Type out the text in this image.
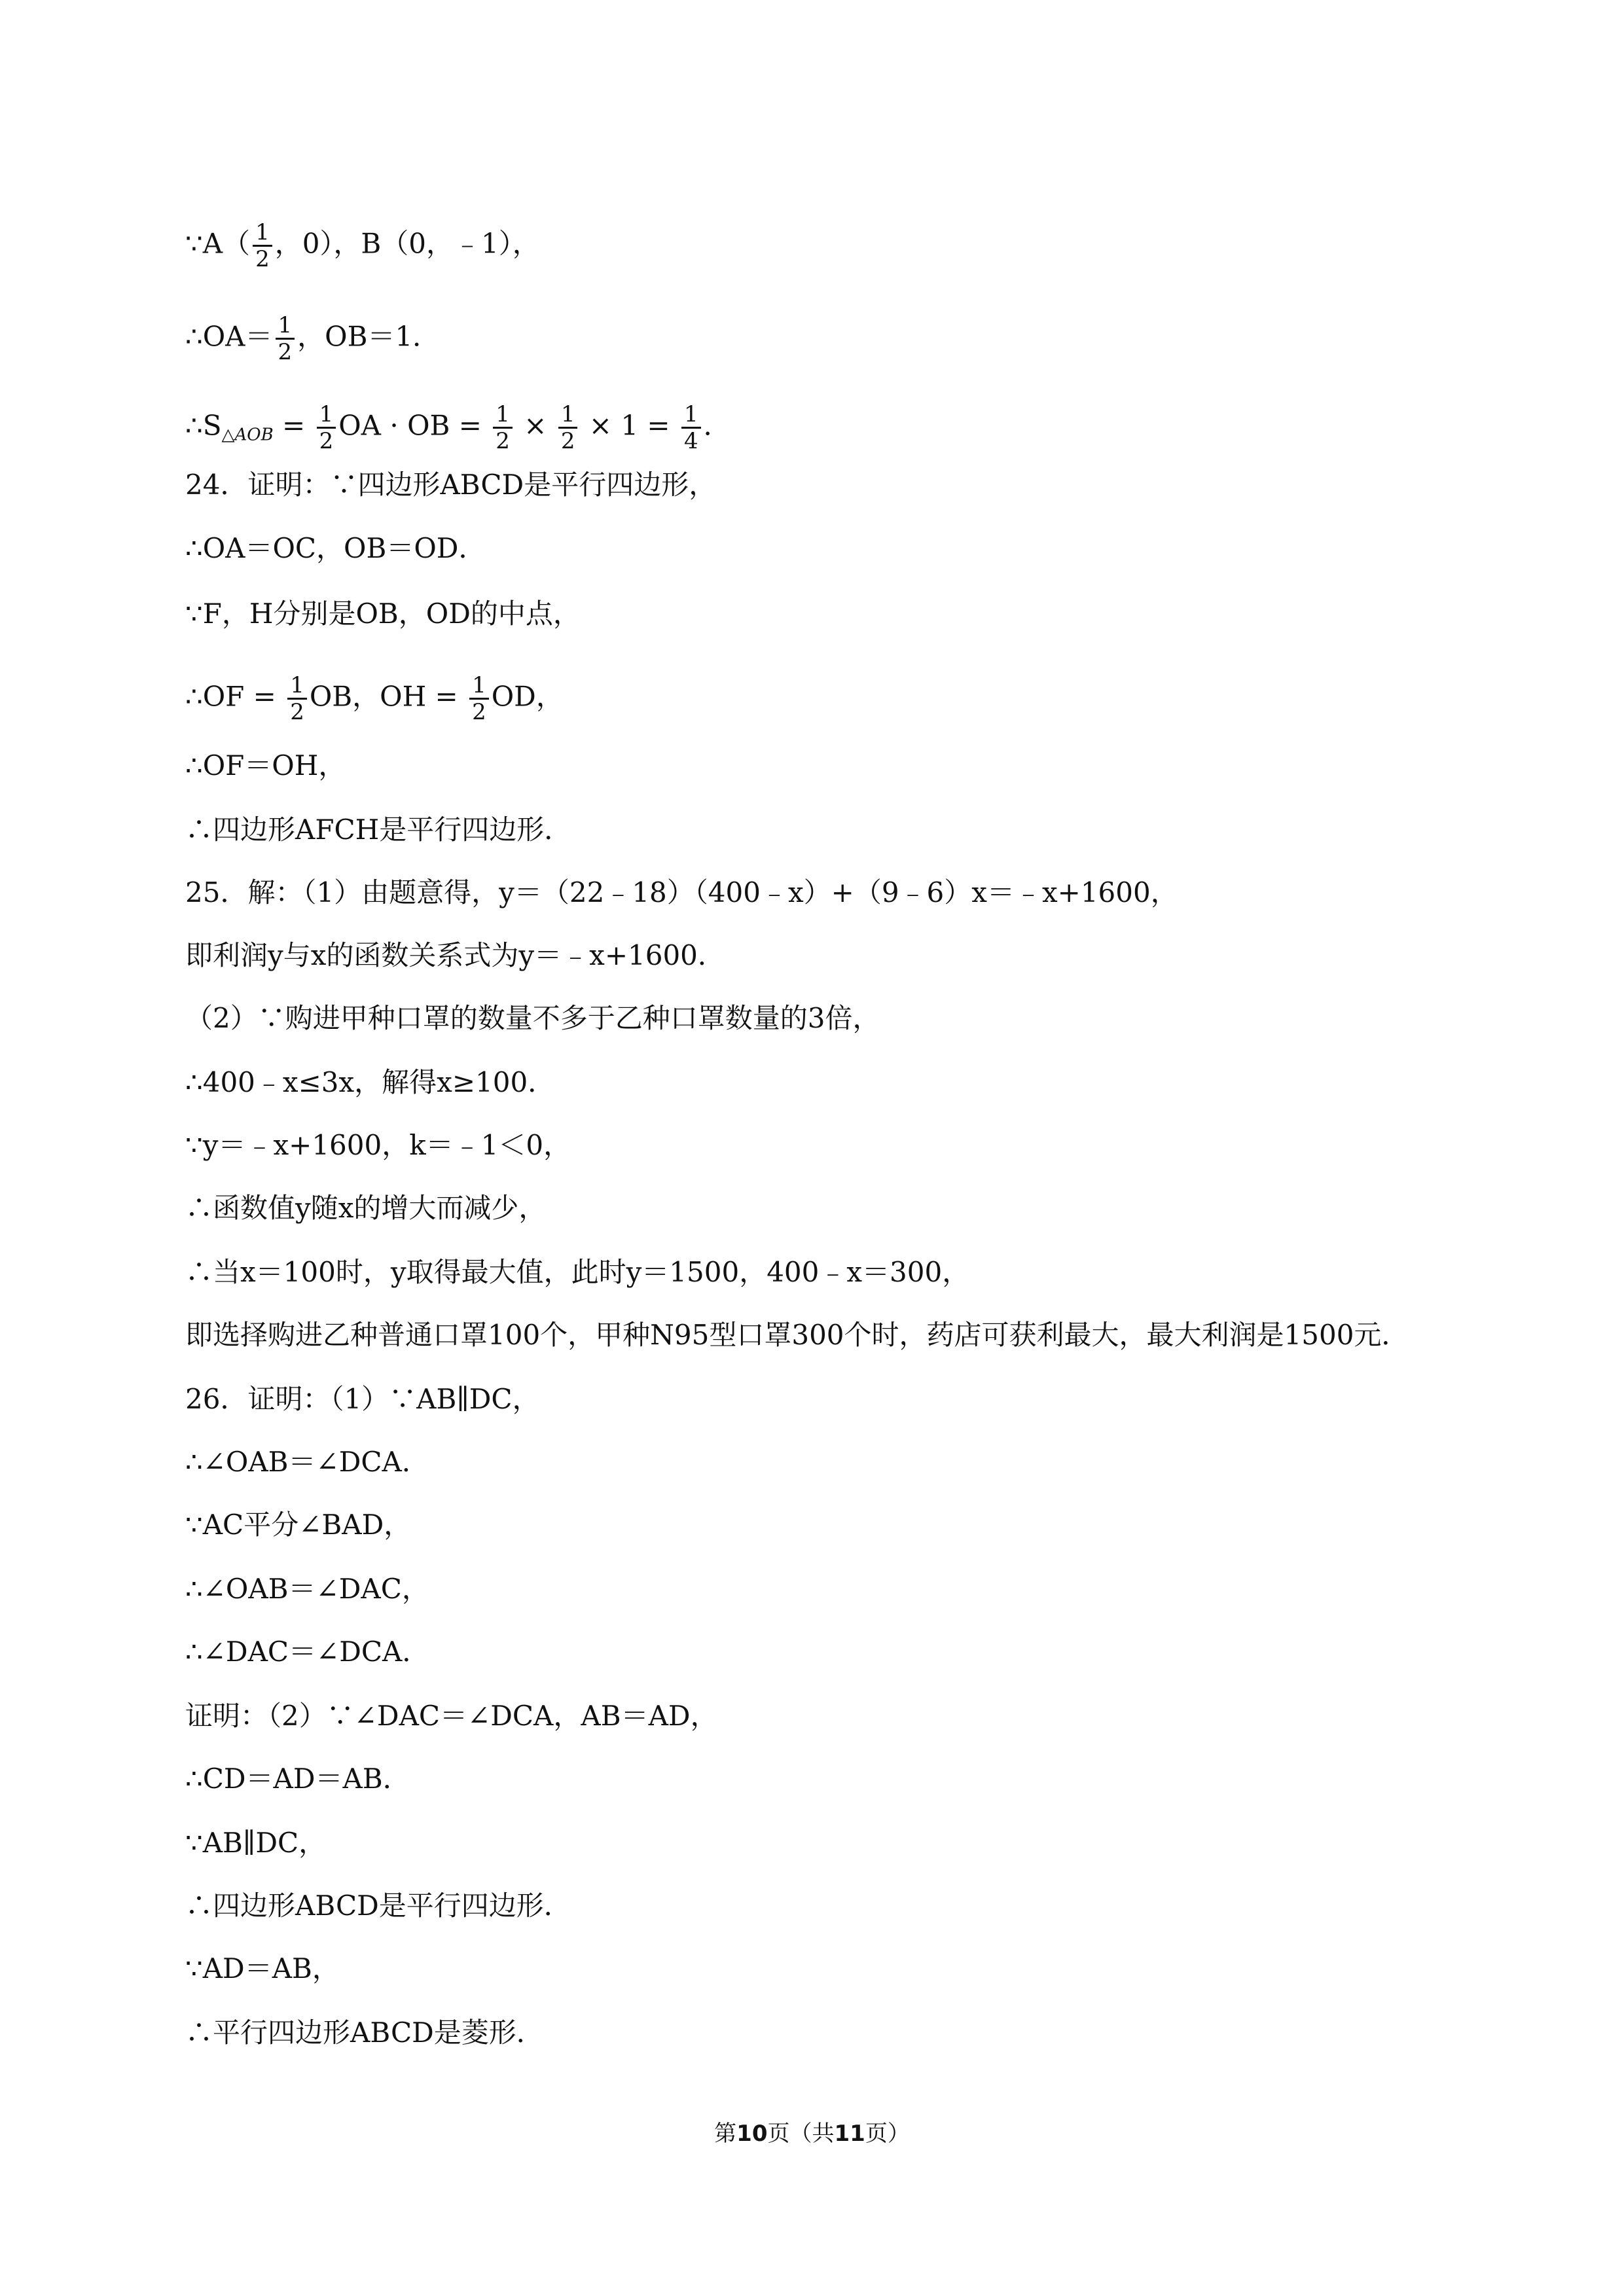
∵A（ $\frac{1}{2}$ ，0），B（0，﹣1），
∴OA＝ $\frac{1}{2}$ ，OB＝1．
$\therefore S_{\triangle AOB} = \frac{1}{2}$ OA · OB = $\frac{1}{2} \times \frac{1}{2} \times 1 = \frac{1}{4}$ ．
24．证明：∵四边形ABCD是平行四边形，
∴OA＝OC，OB＝OD．
∵F，H分别是OB，OD的中点，
∴OF = $\frac{1}{2}$ OB，OH = $\frac{1}{2}$ OD，
∴OF＝OH，
∴四边形AFCH是平行四边形．
25．解：（1）由题意得，y＝（22﹣18）（400﹣x）+（9﹣6）x＝﹣x+1600，
即利润y与x的函数关系式为y＝﹣x+1600．
（2）∵购进甲种口罩的数量不多于乙种口罩数量的3倍，
∴400﹣x≤3x，解得x≥100．
∵y＝﹣x+1600，k＝﹣1＜0，
∴函数值y随x的增大而减少，
∴当x＝100时，y取得最大值，此时y＝1500，400﹣x＝300，
即选择购进乙种普通口罩100个，甲种N95型口罩300个时，药店可获利最大，最大利润是1500元．
26．证明：（1）∵AB∥DC，
∴∠OAB＝∠DCA．
∵AC平分∠BAD，
∴∠OAB＝∠DAC，
∴∠DAC＝∠DCA．
证明：（2）∵∠DAC＝∠DCA，AB＝AD，
∴CD＝AD＝AB．
∵AB∥DC，
∴四边形ABCD是平行四边形．
∵AD＝AB，
∴平行四边形ABCD是菱形．
第10页（共11页）
